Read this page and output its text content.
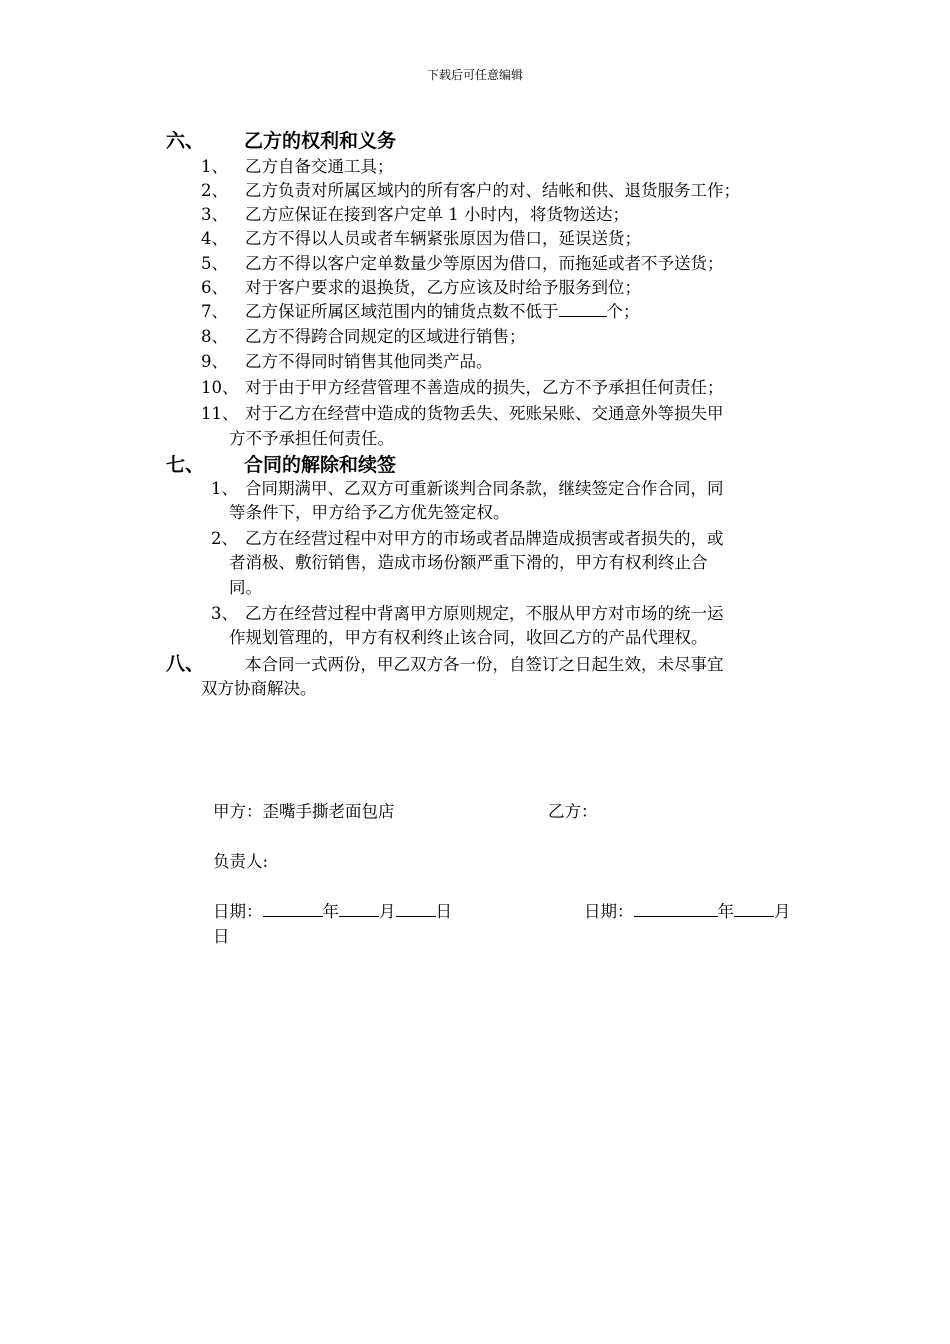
下载后可任意编辑
六、 乙方的权利和义务
1、 乙方自备交通工具；
2、 乙方负责对所属区域内的所有客户的对、结帐和供、退货服务工作；
3、 乙方应保证在接到客户定单 1 小时内，将货物送达；
4、 乙方不得以人员或者车辆紧张原因为借口，延误送货；
5、 乙方不得以客户定单数量少等原因为借口，而拖延或者不予送货；
6、 对于客户要求的退换货，乙方应该及时给予服务到位；
7、 乙方保证所属区域范围内的铺货点数不低于	个；
8、 乙方不得跨合同规定的区域进行销售；
9、 乙方不得同时销售其他同类产品。
10、 对于由于甲方经营管理不善造成的损失，乙方不予承担任何责任；
11、 对于乙方在经营中造成的货物丢失、死账呆账、交通意外等损失甲
方不予承担任何责任。
七、 合同的解除和续签
1、 合同期满甲、乙双方可重新谈判合同条款，继续签定合作合同，同
等条件下，甲方给予乙方优先签定权。
2、 乙方在经营过程中对甲方的市场或者品牌造成损害或者损失的，或
者消极、敷衍销售，造成市场份额严重下滑的，甲方有权利终止合
同。
3、 乙方在经营过程中背离甲方原则规定，不服从甲方对市场的统一运
作规划管理的，甲方有权利终止该合同，收回乙方的产品代理权。
八、 本合同一式两份，甲乙双方各一份，自签订之日起生效，未尽事宜
双方协商解决。
甲方：歪嘴手撕老面包店	乙方：
负责人:
日期：	年 月 日	日期：	年 月
日
